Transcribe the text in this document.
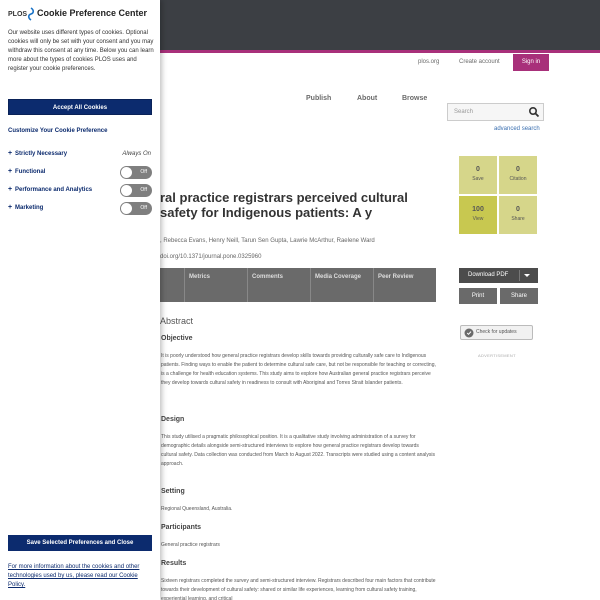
plos.org	Create account	Sign in
Publish	About	Browse
Search
advanced search
ral practice registrars perceived cultural safety for Indigenous patients: A y
, Rebecca Evans, Henry Neill, Tarun Sen Gupta, Lawrie McArthur, Raelene Ward
doi.org/10.1371/journal.pone.0325960
Metrics	Comments	Media Coverage	Peer Review
Abstract
Objective
It is poorly understood how general practice registrars develop skills towards providing culturally safe care to Indigenous patients. Finding ways to enable the patient to determine cultural safe care, but not be responsible for teaching or correcting, is a challenge for health education systems. This study aims to explore how Australian general practice registrars perceive they develop towards cultural safety in readiness to consult with Aboriginal and Torres Strait Islander patients.
Design
This study utilised a pragmatic philosophical position. It is a qualitative study involving administration of a survey for demographic details alongside semi-structured interviews to explore how general practice registrars develop towards cultural safety. Data collection was conducted from March to August 2022. Transcripts were studied using a content analysis approach.
Setting
Regional Queensland, Australia.
Participants
General practice registrars
Results
Sixteen registrars completed the survey and semi-structured interview. Registrars described four main factors that contribute towards their development of cultural safety: shared or similar life experiences, learning from cultural safety training, experiential learning, and critical
0
Save
0
Citation
100
View
0
Share
Download PDF
Print	Share
Check for updates
ADVERTISEMENT
PLOS Cookie Preference Center
Our website uses different types of cookies. Optional cookies will only be set with your consent and you may withdraw this consent at any time. Below you can learn more about the types of cookies PLOS uses and register your cookie preferences.
Accept All Cookies
Customize Your Cookie Preference
+ Strictly Necessary	Always On
+ Functional	Off
+ Performance and Analytics	Off
+ Marketing	Off
Save Selected Preferences and Close
For more information about the cookies and other technologies used by us, please read our Cookie Policy.
